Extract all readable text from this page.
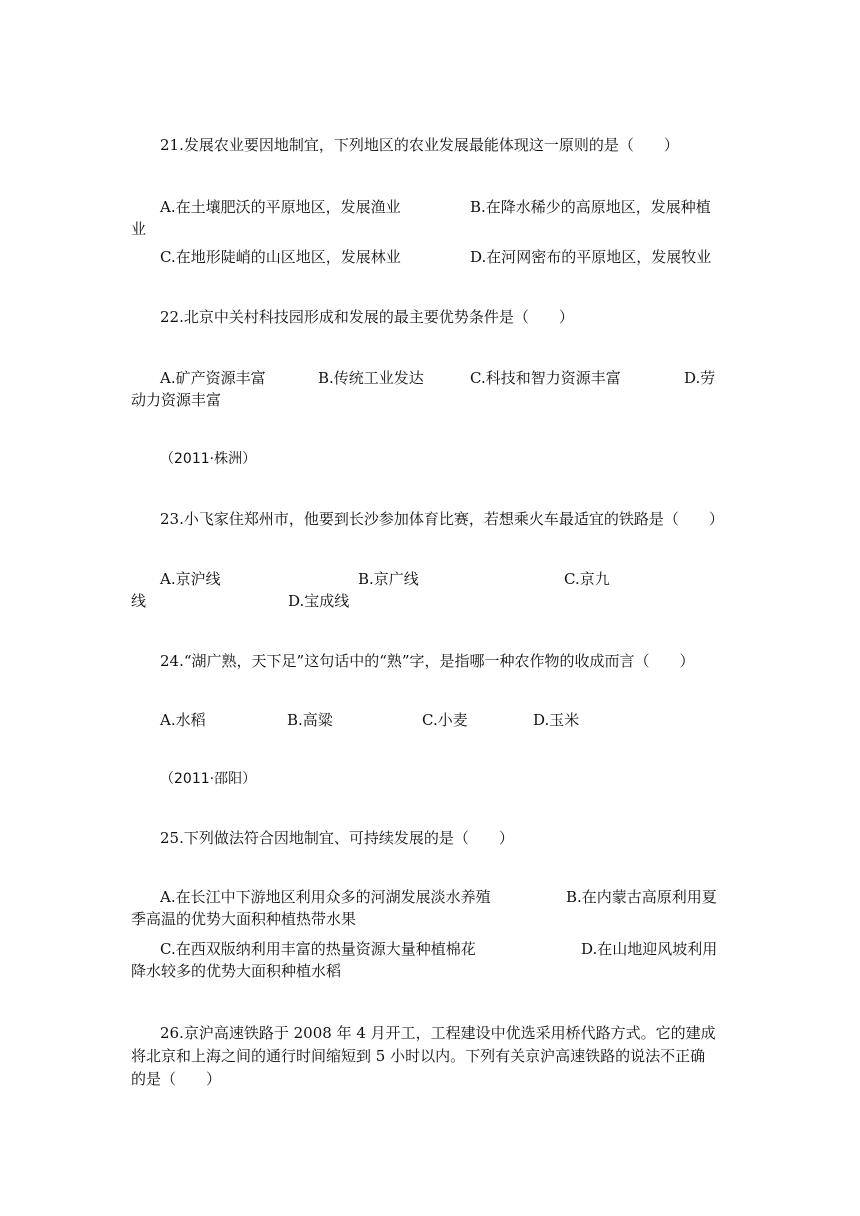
21.发展农业要因地制宜，下列地区的农业发展最能体现这一原则的是（　　）
A.在土壤肥沃的平原地区，发展渔业	B.在降水稀少的高原地区，发展种植
业
C.在地形陡峭的山区地区，发展林业	D.在河网密布的平原地区，发展牧业
22.北京中关村科技园形成和发展的最主要优势条件是（　　）
A.矿产资源丰富	B.传统工业发达	C.科技和智力资源丰富	D.劳
动力资源丰富
（2011·株洲）
23.小飞家住郑州市，他要到长沙参加体育比赛，若想乘火车最适宜的铁路是（　　）
A.京沪线	B.京广线	C.京九
线	D.宝成线
24.“湖广熟，天下足”这句话中的“熟”字，是指哪一种农作物的收成而言（　　）
A.水稻	B.高粱	C.小麦	D.玉米
（2011·邵阳）
25.下列做法符合因地制宜、可持续发展的是（　　）
A.在长江中下游地区利用众多的河湖发展淡水养殖	B.在内蒙古高原利用夏
季高温的优势大面积种植热带水果
C.在西双版纳利用丰富的热量资源大量种植棉花	D.在山地迎风坡利用
降水较多的优势大面积种植水稻
26.京沪高速铁路于 2008 年 4 月开工，工程建设中优选采用桥代路方式。它的建成
将北京和上海之间的通行时间缩短到 5 小时以内。下列有关京沪高速铁路的说法不正确
的是（　　）
